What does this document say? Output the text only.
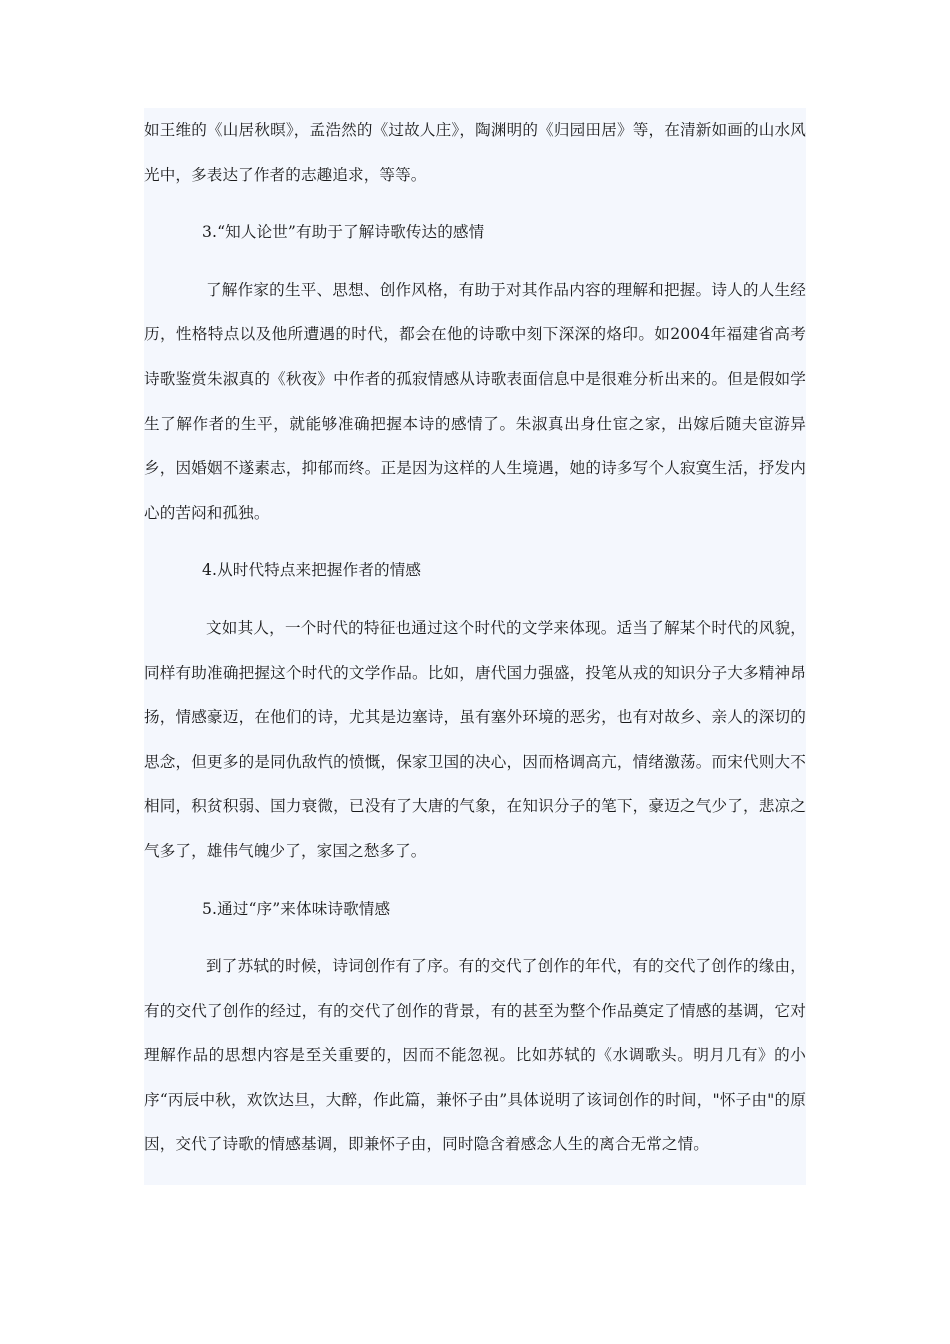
如王维的《山居秋暝》，孟浩然的《过故人庄》，陶渊明的《归园田居》等，在清新如画的山水风光中，多表达了作者的志趣追求，等等。

3.“知人论世”有助于了解诗歌传达的感情

了解作家的生平、思想、创作风格，有助于对其作品内容的理解和把握。诗人的人生经历，性格特点以及他所遭遇的时代，都会在他的诗歌中刻下深深的烙印。如2004年福建省高考诗歌鉴赏朱淑真的《秋夜》中作者的孤寂情感从诗歌表面信息中是很难分析出来的。但是假如学生了解作者的生平，就能够准确把握本诗的感情了。朱淑真出身仕宦之家，出嫁后随夫宦游异乡，因婚姻不遂素志，抑郁而终。正是因为这样的人生境遇，她的诗多写个人寂寞生活，抒发内心的苦闷和孤独。

4.从时代特点来把握作者的情感

文如其人，一个时代的特征也通过这个时代的文学来体现。适当了解某个时代的风貌，同样有助准确把握这个时代的文学作品。比如，唐代国力强盛，投笔从戎的知识分子大多精神昂扬，情感豪迈，在他们的诗，尤其是边塞诗，虽有塞外环境的恶劣，也有对故乡、亲人的深切的思念，但更多的是同仇敌忾的愤慨，保家卫国的决心，因而格调高亢，情绪激荡。而宋代则大不相同，积贫积弱、国力衰微，已没有了大唐的气象，在知识分子的笔下，豪迈之气少了，悲凉之气多了，雄伟气魄少了，家国之愁多了。

5.通过“序”来体味诗歌情感

到了苏轼的时候，诗词创作有了序。有的交代了创作的年代，有的交代了创作的缘由，有的交代了创作的经过，有的交代了创作的背景，有的甚至为整个作品奠定了情感的基调，它对理解作品的思想内容是至关重要的，因而不能忽视。比如苏轼的《水调歌头。明月几有》的小序“丙辰中秋，欢饮达旦，大醉，作此篇，兼怀子由”具体说明了该词创作的时间，"怀子由"的原因，交代了诗歌的情感基调，即兼怀子由，同时隐含着感念人生的离合无常之情。
